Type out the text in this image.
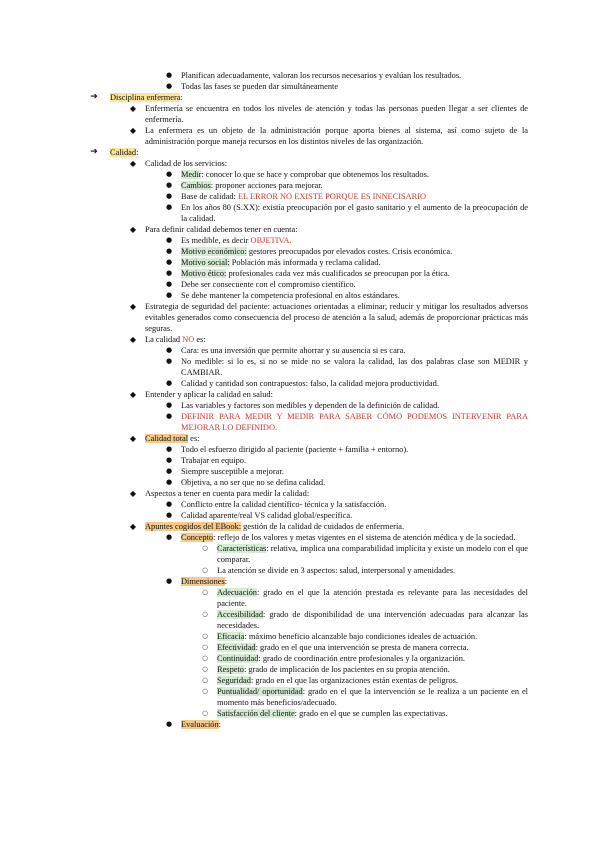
●	Planifican adecuadamente, valoran los recursos necesarios y evalúan los resultados.
●	Todas las fases se pueden dar simultáneamente
➔ Disciplina enfermera:
◆	Enfermería se encuentra en todos los niveles de atención y todas las personas pueden llegar a ser clientes de enfermería.
◆	La enfermera es un objeto de la administración porque aporta bienes al sistema, así como sujeto de la administración porque maneja recursos en los distintos niveles de las organización.
➔ Calidad:
◆	Calidad de los servicios:
●	Medir: conocer lo que se hace y comprobar que obtenemos los resultados.
●	Cambios: proponer acciones para mejorar.
●	Base de calidad: EL ERROR NO EXISTE PORQUE ES INNECISARIO
●	En los años 80 (S.XX): existía preocupación por el gasto sanitario y el aumento de la preocupación de la calidad.
◆	Para definir calidad debemos tener en cuenta:
●	Es medible, es decir OBJETIVA.
●	Motivo económico: gestores preocupados por elevados costes. Crisis económica.
●	Motivo social: Población más informada y reclama calidad.
●	Motivo ético: profesionales cada vez más cualificados se preocupan por la ética.
●	Debe ser consecuente con el compromiso científico.
●	Se debe mantener la competencia profesional en altos estándares.
◆	Estrategia de seguridad del paciente: actuaciones orientadas a eliminar, reducir y mitigar los resultados adversos evitables generados como consecuencia del proceso de atención a la salud, además de proporcionar prácticas más seguras.
◆	La calidad NO es:
●	Cara: es una inversión que permite ahorrar y su ausencia si es cara.
●	No medible: si lo es, si no se mide no se valora la calidad, las dos palabras clase son MEDIR y CAMBIAR.
●	Calidad y cantidad son contrapuestos: falso, la calidad mejora productividad.
◆	Entender y aplicar la calidad en salud:
●	Las variables y factores son medibles y dependen de la definición de calidad.
●	DEFINIR PARA MEDIR Y MEDIR PARA SABER CÓMO PODEMOS INTERVENIR PARA MEJORAR LO DEFINIDO.
◆	Calidad total es:
●	Todo el esfuerzo dirigido al paciente (paciente + familia + entorno).
●	Trabajar en equipo.
●	Siempre susceptible a mejorar.
●	Objetiva, a no ser que no se defina calidad.
◆	Aspectos a tener en cuenta para medir la calidad:
●	Conflicto entre la calidad científico- técnica y la satisfacción.
●	Calidad aparente/real VS calidad global/específica.
◆	Apuntes cogidos del EBook: gestión de la calidad de cuidados de enfermería.
●	Concepto: reflejo de los valores y metas vigentes en el sistema de atención médica y de la sociedad.
○	Características: relativa, implica una comparabilidad implícita y existe un modelo con el que comparar.
○	La atención se divide en 3 aspectos: salud, interpersonal y amenidades.
●	Dimensiones:
○	Adecuación: grado en el que la atención prestada es relevante para las necesidades del paciente.
○	Accesibilidad: grado de disponibilidad de una intervención adecuadas para alcanzar las necesidades.
○	Eficacia: máximo beneficio alcanzable bajo condiciones ideales de actuación.
○	Efectividad: grado en el que una intervención se presta de manera correcta.
○	Continuidad: grado de coordinación entre profesionales y la organización.
○	Respeto: grado de implicación de los pacientes en su propia atención.
○	Seguridad: grado en el que las organizaciones están exentas de peligros.
○	Puntualidad/ oportunidad: grado en el que la intervención se le realiza a un paciente en el momento más beneficios/adecuado.
○	Satisfacción del cliente: grado en el que se cumplen las expectativas.
●	Evaluación:
